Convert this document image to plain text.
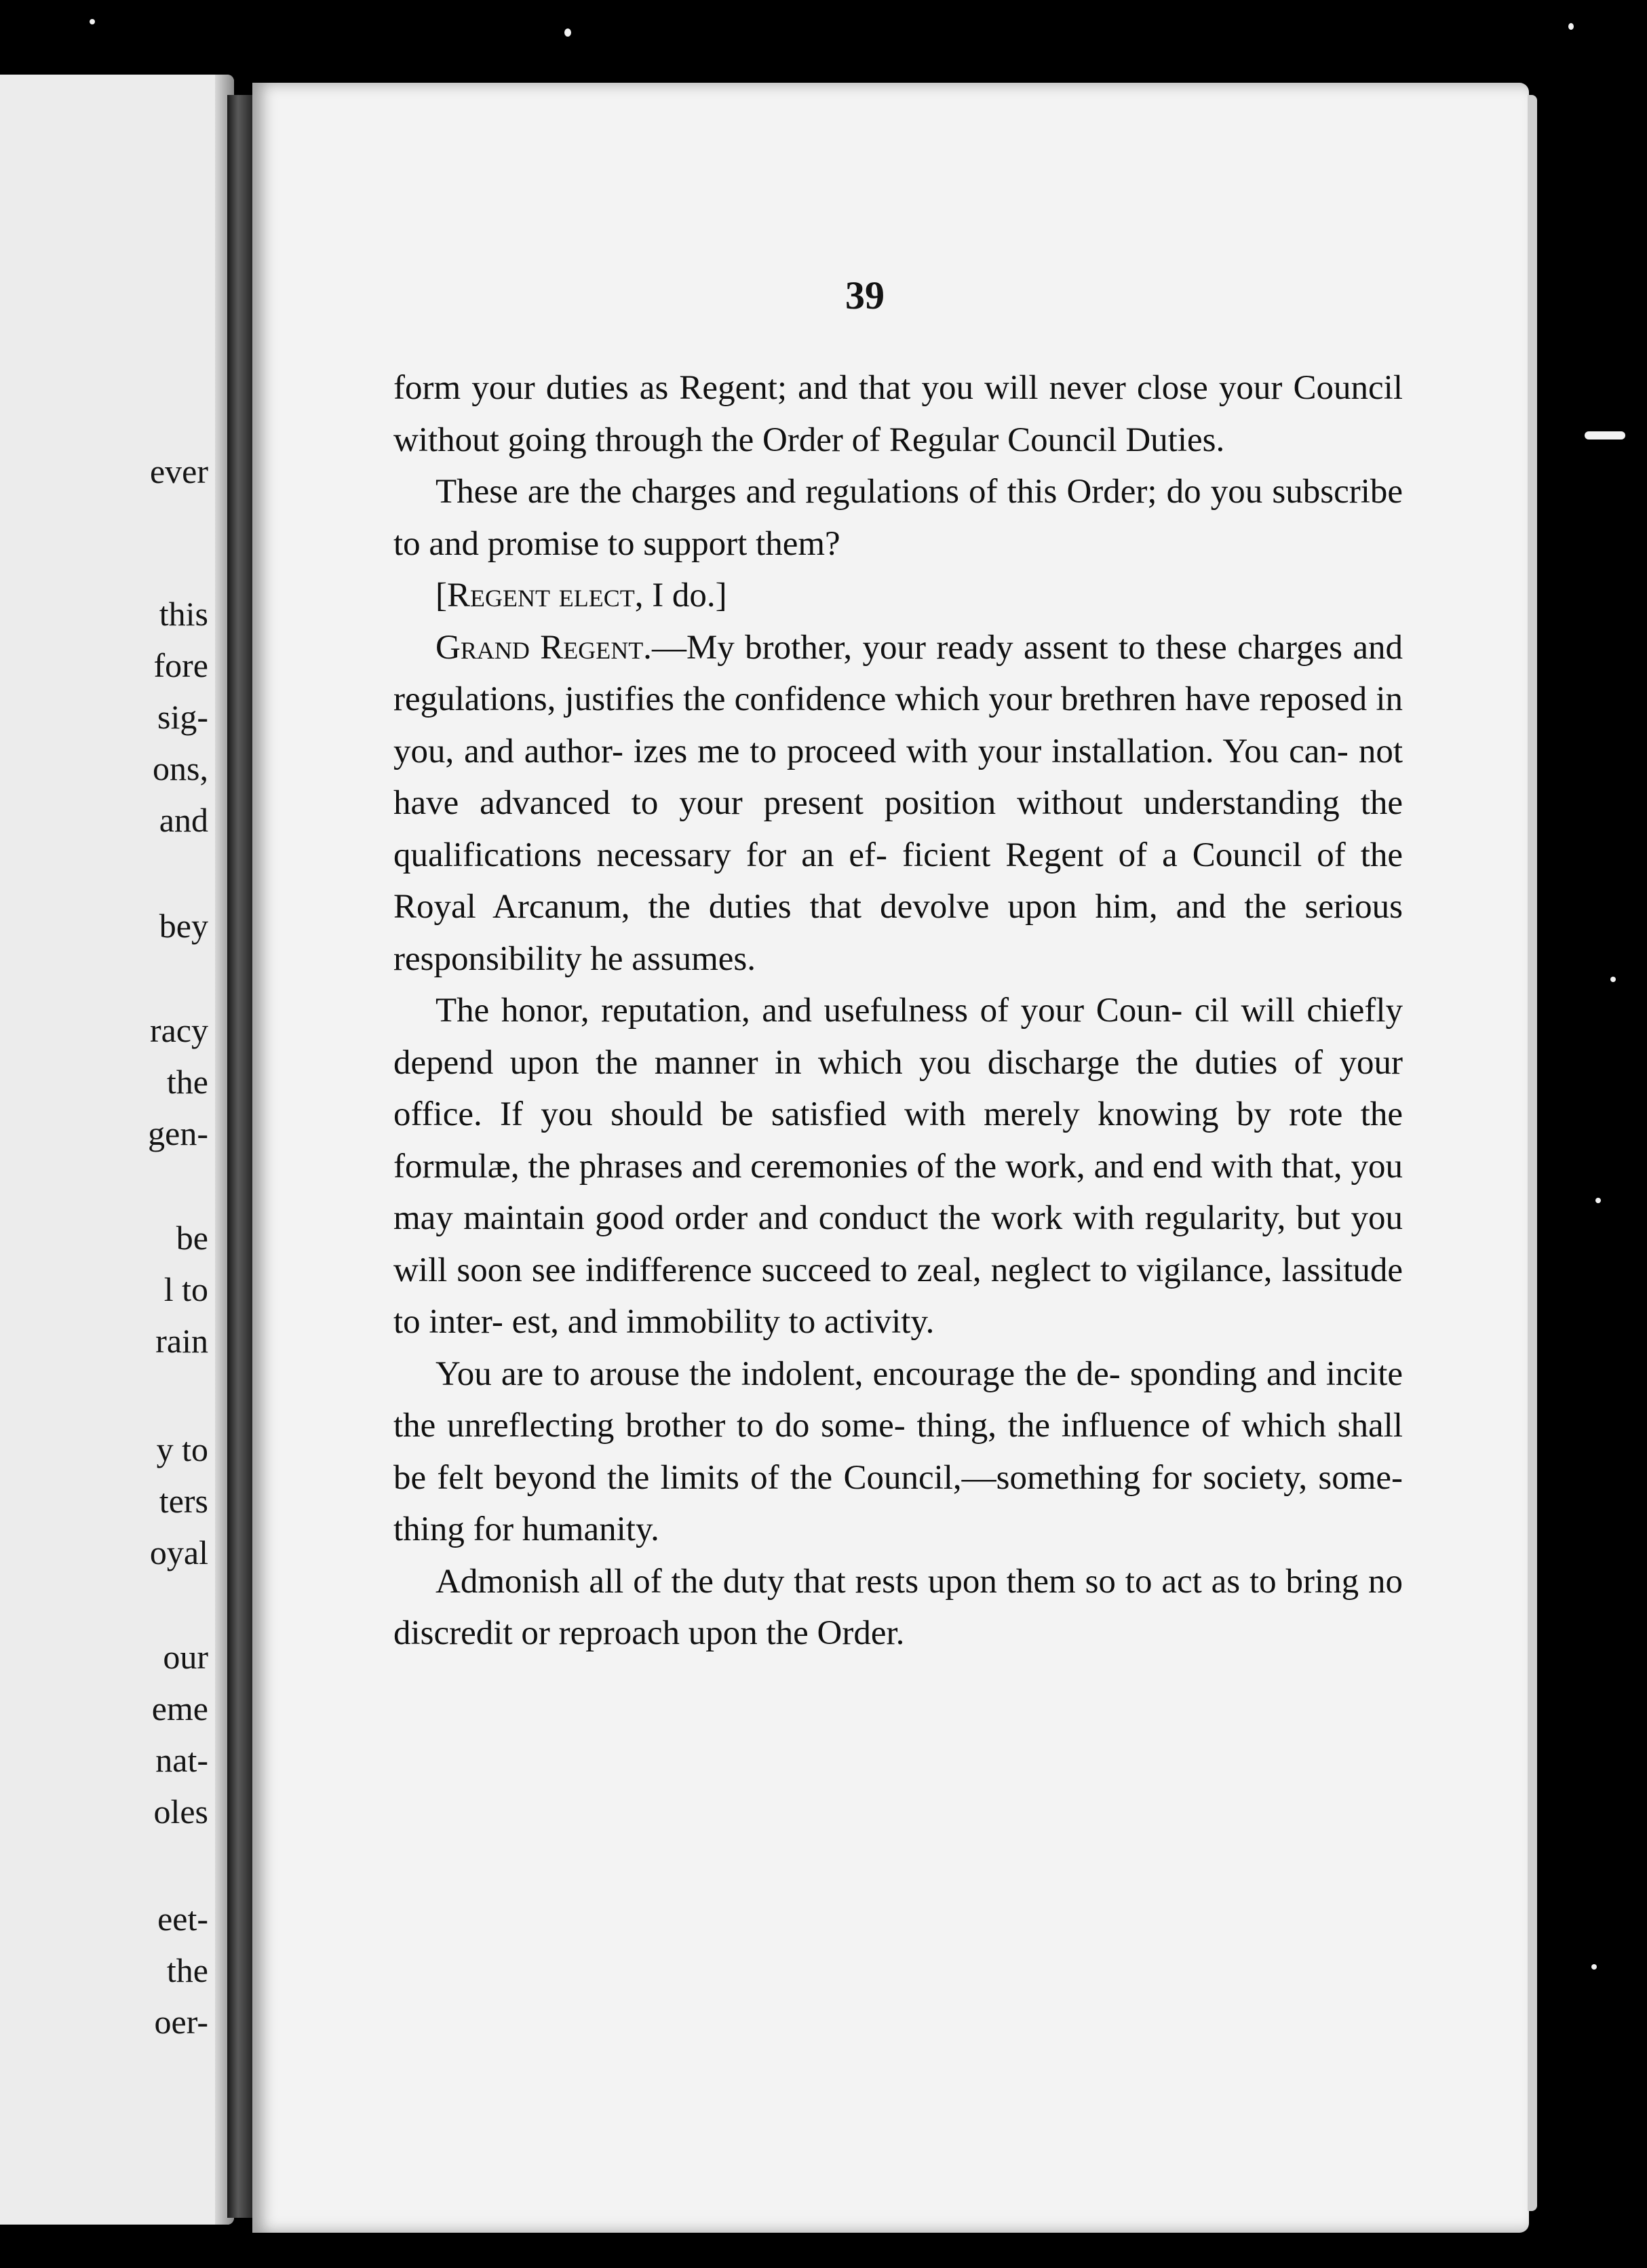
ever
this
fore
sig-
ons,
and
bey
racy
the
gen-
be
l to
rain
y to
ters
oyal
our
eme
nat-
oles
eet-
the
oer-
39

form your duties as Regent; and that you will never close your Council without going through the Order of Regular Council Duties.

These are the charges and regulations of this Order; do you subscribe to and promise to support them?

[Regent elect, I do.]

Grand Regent.—My brother, your ready assent to these charges and regulations, justifies the confidence which your brethren have reposed in you, and author- izes me to proceed with your installation. You can- not have advanced to your present position without understanding the qualifications necessary for an ef- ficient Regent of a Council of the Royal Arcanum, the duties that devolve upon him, and the serious responsibility he assumes.

The honor, reputation, and usefulness of your Coun- cil will chiefly depend upon the manner in which you discharge the duties of your office. If you should be satisfied with merely knowing by rote the formulæ, the phrases and ceremonies of the work, and end with that, you may maintain good order and conduct the work with regularity, but you will soon see indifference succeed to zeal, neglect to vigilance, lassitude to inter- est, and immobility to activity.

You are to arouse the indolent, encourage the de- sponding and incite the unreflecting brother to do some- thing, the influence of which shall be felt beyond the limits of the Council,—something for society, some- thing for humanity.

Admonish all of the duty that rests upon them so to act as to bring no discredit or reproach upon the Order.
